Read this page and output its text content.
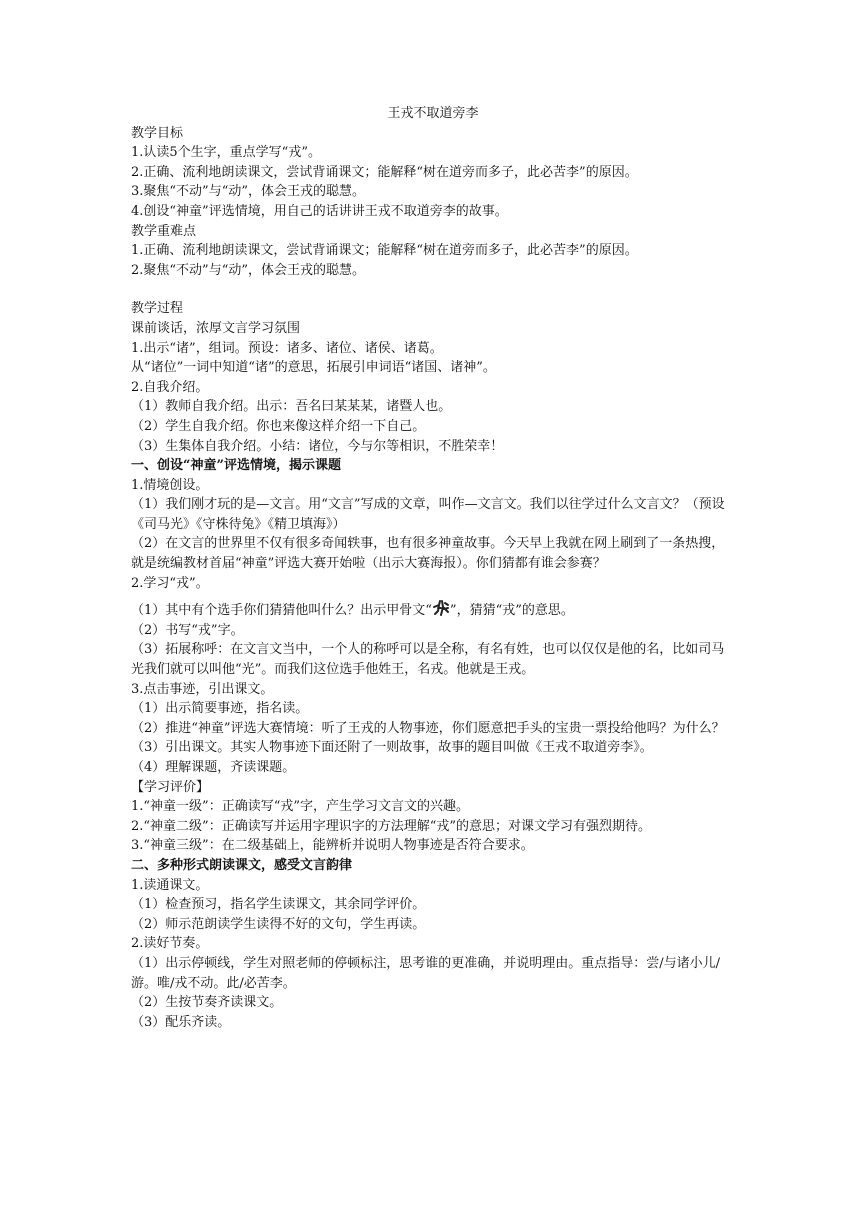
王戎不取道旁李
教学目标
1.认读5个生字，重点学写“戎”。
2.正确、流利地朗读课文，尝试背诵课文；能解释“树在道旁而多子，此必苦李”的原因。
3.聚焦“不动”与“动”，体会王戎的聪慧。
4.创设“神童”评选情境，用自己的话讲讲王戎不取道旁李的故事。
教学重难点
1.正确、流利地朗读课文，尝试背诵课文；能解释“树在道旁而多子，此必苦李”的原因。
2.聚焦“不动”与“动”，体会王戎的聪慧。
教学过程
课前谈话，浓厚文言学习氛围
1.出示“诸”，组词。预设：诸多、诸位、诸侯、诸葛。
从“诸位”一词中知道“诸”的意思，拓展引申词语“诸国、诸神”。
2.自我介绍。
（1）教师自我介绍。出示：吾名曰某某某，诸暨人也。
（2）学生自我介绍。你也来像这样介绍一下自己。
（3）生集体自我介绍。小结：诸位，今与尔等相识，不胜荣幸！
一、创设“神童”评选情境，揭示课题
1.情境创设。
（1）我们刚才玩的是—文言。用“文言”写成的文章，叫作—文言文。我们以往学过什么文言文？（预设《司马光》《守株待兔》《精卫填海》）
（2）在文言的世界里不仅有很多奇闻轶事，也有很多神童故事。今天早上我就在网上刷到了一条热搜，就是统编教材首届“神童”评选大赛开始啦（出示大赛海报）。你们猜都有谁会参赛？
2.学习“戎”。
（1）其中有个选手你们猜猜他叫什么？出示甲骨文“ ”，猜猜“戎”的意思。
（2）书写“戎”字。
（3）拓展称呼：在文言文当中，一个人的称呼可以是全称，有名有姓，也可以仅仅是他的名，比如司马光我们就可以叫他“光”。而我们这位选手他姓王，名戎。他就是王戎。
3.点击事迹，引出课文。
（1）出示简要事迹，指名读。
（2）推进“神童”评选大赛情境：听了王戎的人物事迹，你们愿意把手头的宝贵一票投给他吗？为什么？
（3）引出课文。其实人物事迹下面还附了一则故事，故事的题目叫做《王戎不取道旁李》。
（4）理解课题，齐读课题。
【学习评价】
1.“神童一级”：正确读写“戎”字，产生学习文言文的兴趣。
2.“神童二级”：正确读写并运用字理识字的方法理解“戎”的意思；对课文学习有强烈期待。
3.“神童三级”：在二级基础上，能辨析并说明人物事迹是否符合要求。
二、多种形式朗读课文，感受文言韵律
1.读通课文。
（1）检查预习，指名学生读课文，其余同学评价。
（2）师示范朗读学生读得不好的文句，学生再读。
2.读好节奏。
（1）出示停顿线，学生对照老师的停顿标注，思考谁的更准确，并说明理由。重点指导：尝/与诸小儿/游。唯/戎不动。此/必苦李。
（2）生按节奏齐读课文。
（3）配乐齐读。
